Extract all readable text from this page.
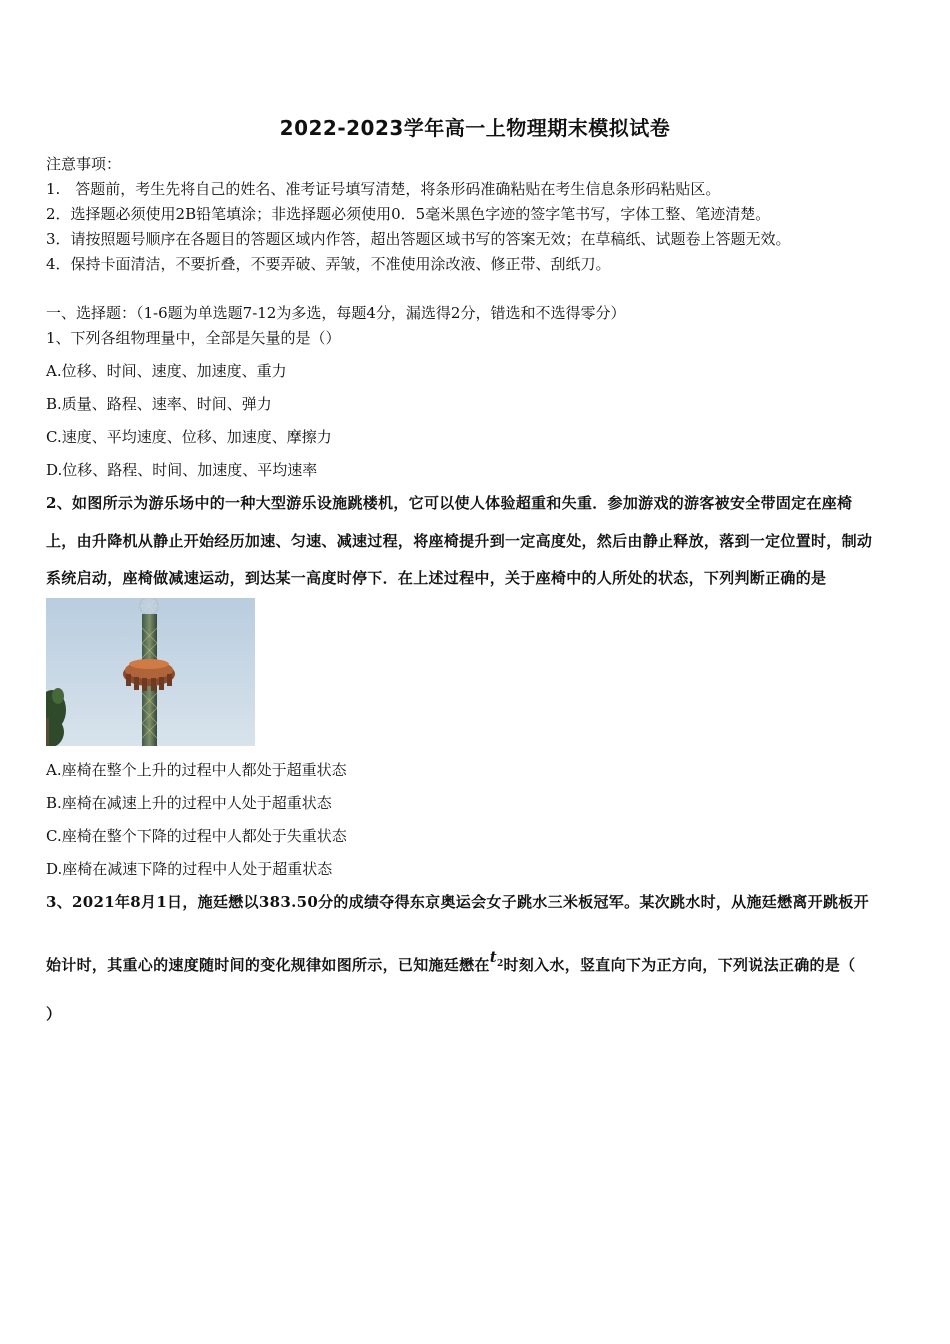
2022-2023学年高一上物理期末模拟试卷
注意事项：
1.　答题前，考生先将自己的姓名、准考证号填写清楚，将条形码准确粘贴在考生信息条形码粘贴区。
2．选择题必须使用2B铅笔填涂；非选择题必须使用0．5毫米黑色字迹的签字笔书写，字体工整、笔迹清楚。
3．请按照题号顺序在各题目的答题区域内作答，超出答题区域书写的答案无效；在草稿纸、试题卷上答题无效。
4．保持卡面清洁，不要折叠，不要弄破、弄皱，不准使用涂改液、修正带、刮纸刀。
一、选择题：（1-6题为单选题7-12为多选，每题4分，漏选得2分，错选和不选得零分）
1、下列各组物理量中，全部是矢量的是（）
A.位移、时间、速度、加速度、重力
B.质量、路程、速率、时间、弹力
C.速度、平均速度、位移、加速度、摩擦力
D.位移、路程、时间、加速度、平均速率
2、如图所示为游乐场中的一种大型游乐设施跳楼机，它可以使人体验超重和失重．参加游戏的游客被安全带固定在座椅
上，由升降机从静止开始经历加速、匀速、减速过程，将座椅提升到一定高度处，然后由静止释放，落到一定位置时，制动
系统启动，座椅做减速运动，到达某一高度时停下．在上述过程中，关于座椅中的人所处的状态，下列判断正确的是
A.座椅在整个上升的过程中人都处于超重状态
B.座椅在减速上升的过程中人处于超重状态
C.座椅在整个下降的过程中人都处于失重状态
D.座椅在减速下降的过程中人处于超重状态
3、2021年8月1日，施廷懋以383.50分的成绩夺得东京奥运会女子跳水三米板冠军。某次跳水时，从施廷懋离开跳板开
始计时，其重心的速度随时间的变化规律如图所示，已知施廷懋在$t_2$时刻入水，竖直向下为正方向，下列说法正确的是（
）
